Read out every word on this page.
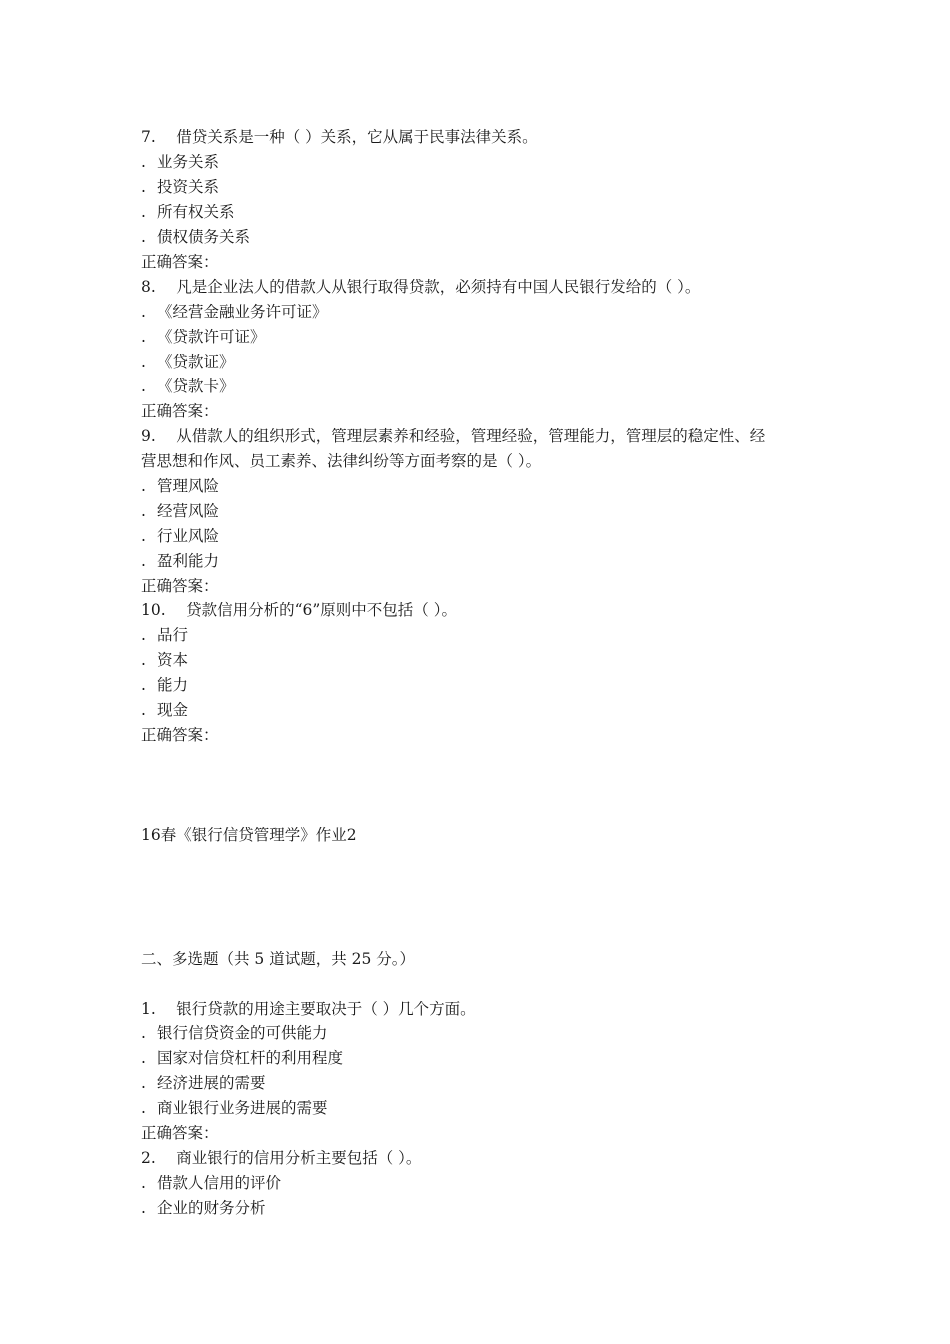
7.　 借贷关系是一种（ ）关系，它从属于民事法律关系。
. 业务关系
. 投资关系
. 所有权关系
. 债权债务关系
正确答案：
8.　 凡是企业法人的借款人从银行取得贷款，必须持有中国人民银行发给的（ ）。
. 《经营金融业务许可证》
. 《贷款许可证》
. 《贷款证》
. 《贷款卡》
正确答案：
9.　 从借款人的组织形式，管理层素养和经验，管理经验，管理能力，管理层的稳定性、经
营思想和作风、员工素养、法律纠纷等方面考察的是（ ）。
. 管理风险
. 经营风险
. 行业风险
. 盈利能力
正确答案：
10.　 贷款信用分析的“6”原则中不包括（ ）。
. 品行
. 资本
. 能力
. 现金
正确答案：
16春《银行信贷管理学》作业2
二、多选题（共 5 道试题，共 25 分。）
1.　 银行贷款的用途主要取决于（ ）几个方面。
. 银行信贷资金的可供能力
. 国家对信贷杠杆的利用程度
. 经济进展的需要
. 商业银行业务进展的需要
正确答案：
2.　 商业银行的信用分析主要包括（ ）。
. 借款人信用的评价
. 企业的财务分析
